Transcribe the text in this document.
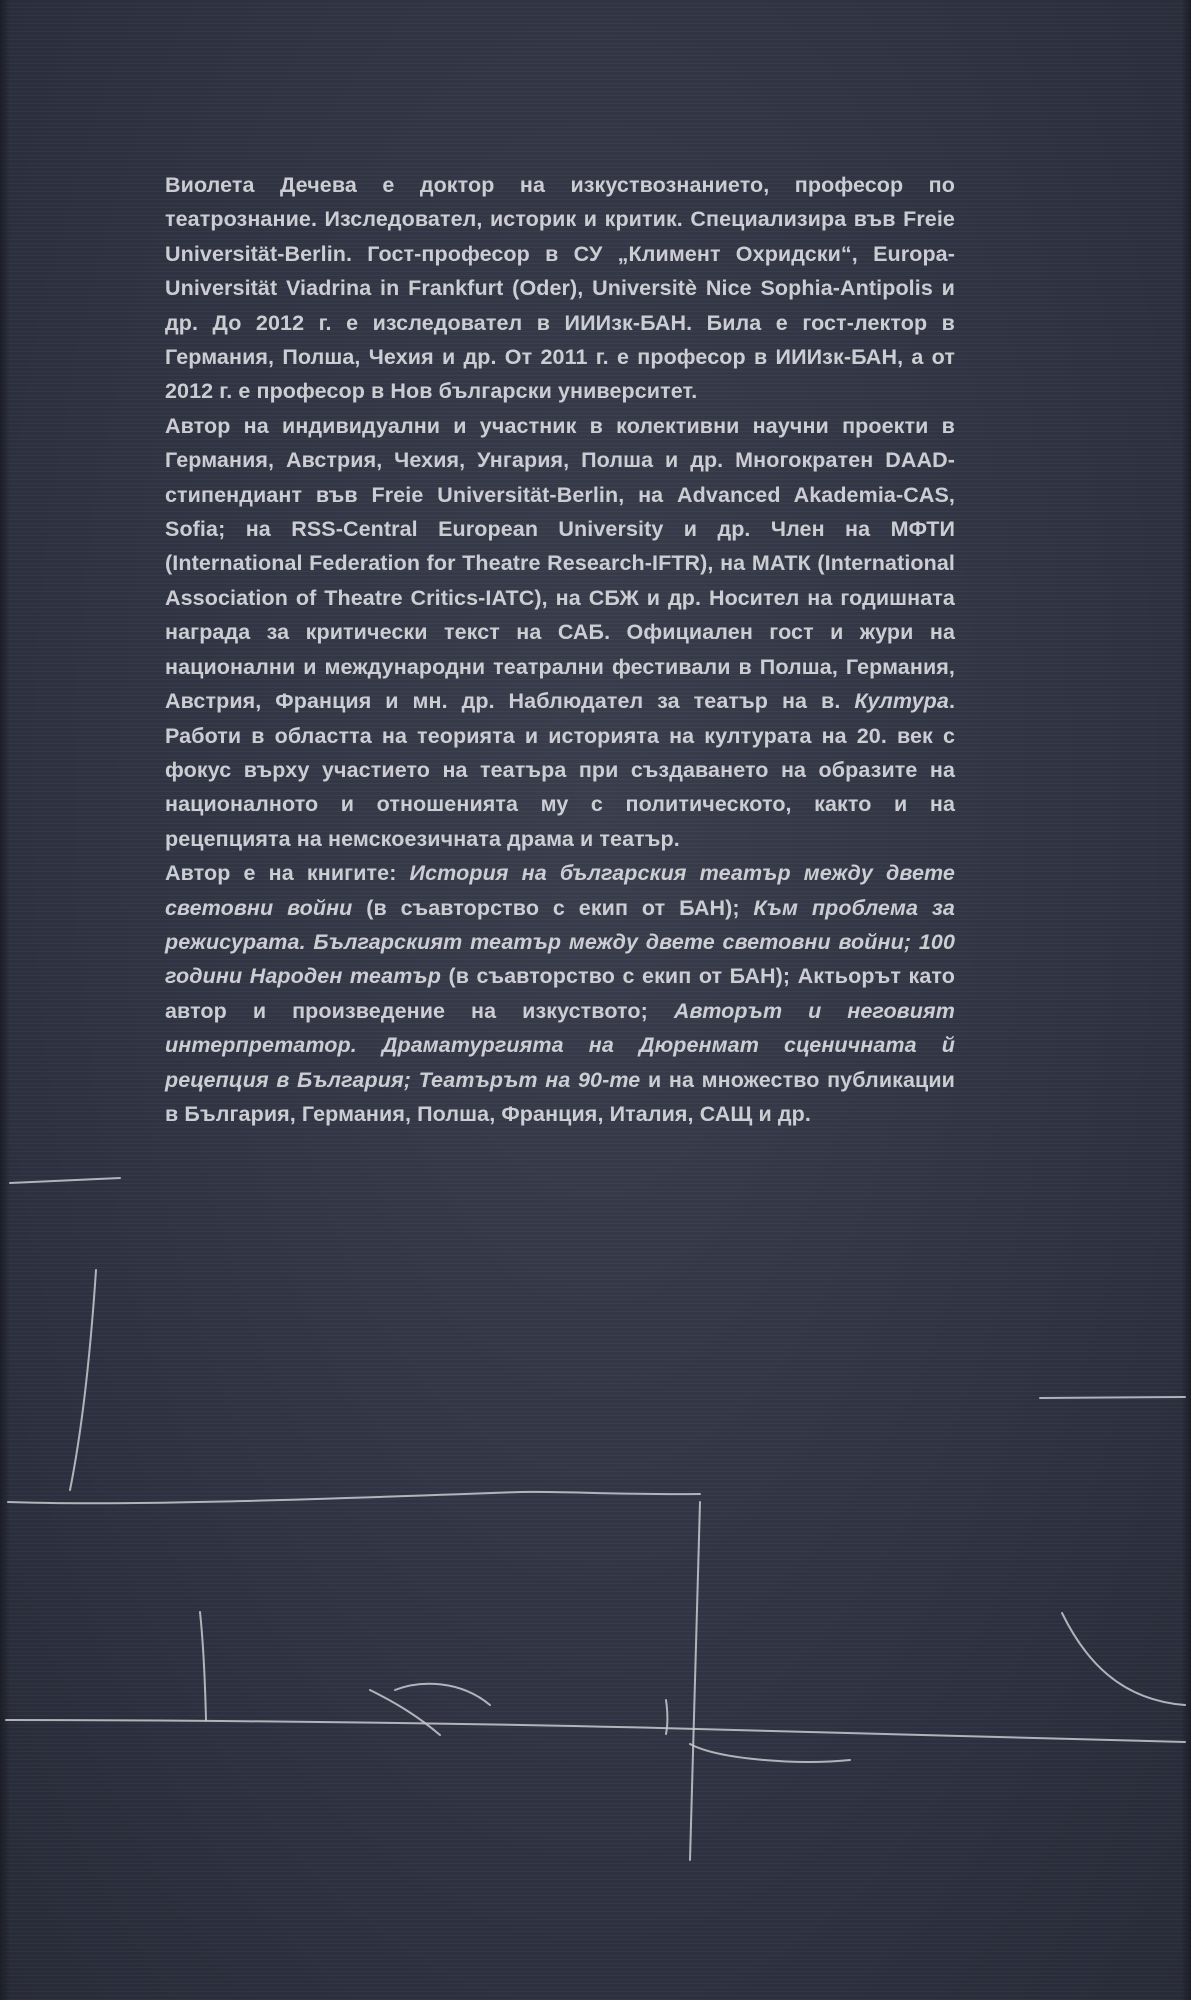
Виолета Дечева е доктор на изкуствознанието, професор по театрознание. Изследовател, историк и критик. Специализира във Freie Universität-Berlin. Гост-професор в СУ „Климент Охридски“, Europa-Universität Viadrina in Frankfurt (Oder), Universitè Nice Sophia-Antipolis и др. До 2012 г. е изследовател в ИИИзк-БАН. Била е гост-лектор в Германия, Полша, Чехия и др. От 2011 г. е професор в ИИИзк-БАН, а от 2012 г. е професор в Нов български университет.

Автор на индивидуални и участник в колективни научни проекти в Германия, Австрия, Чехия, Унгария, Полша и др. Многократен DAAD-стипендиант във Freie Universität-Berlin, на Advanced Akademia-CAS, Sofia; на RSS-Central European University и др. Член на МФТИ (International Federation for Theatre Research-IFTR), на МАТК (International Association of Theatre Critics-IATC), на СБЖ и др. Носител на годишната награда за критически текст на САБ. Официален гост и жури на национални и международни театрални фестивали в Полша, Германия, Австрия, Франция и мн. др. Наблюдател за театър на в. Култура. Работи в областта на теорията и историята на културата на 20. век с фокус върху участието на театъра при създаването на образите на националното и отношенията му с политическото, както и на рецепцията на немскоезичната драма и театър.

Автор е на книгите: История на българския театър между двете световни войни (в съавторство с екип от БАН); Към проблема за режисурата. Българският театър между двете световни войни; 100 години Народен театър (в съавторство с екип от БАН); Актьорът като автор и произведение на изкуството; Авторът и неговият интерпретатор. Драматургията на Дюренмат сценичната й рецепция в България; Театърът на 90-те и на множество публикации в България, Германия, Полша, Франция, Италия, САЩ и др.
